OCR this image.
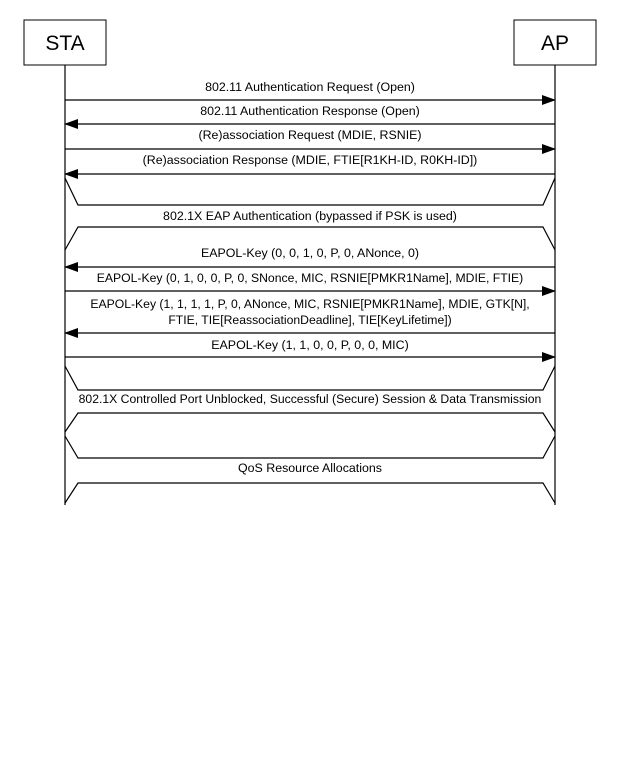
STA	AP
802.11 Authentication Request (Open)
802.11 Authentication Response (Open)
(Re)association Request (MDIE, RSNIE)
(Re)association Response (MDIE, FTIE[R1KH-ID, R0KH-ID])
802.1X EAP Authentication (bypassed if PSK is used)
EAPOL-Key (0, 0, 1, 0, P, 0, ANonce, 0)
EAPOL-Key (0, 1, 0, 0, P, 0, SNonce, MIC, RSNIE[PMKR1Name], MDIE, FTIE)
EAPOL-Key (1, 1, 1, 1, P, 0, ANonce, MIC, RSNIE[PMKR1Name], MDIE, GTK[N],
FTIE, TIE[ReassociationDeadline], TIE[KeyLifetime])
EAPOL-Key (1, 1, 0, 0, P, 0, 0, MIC)
802.1X Controlled Port Unblocked, Successful (Secure) Session & Data Transmission
QoS Resource Allocations
